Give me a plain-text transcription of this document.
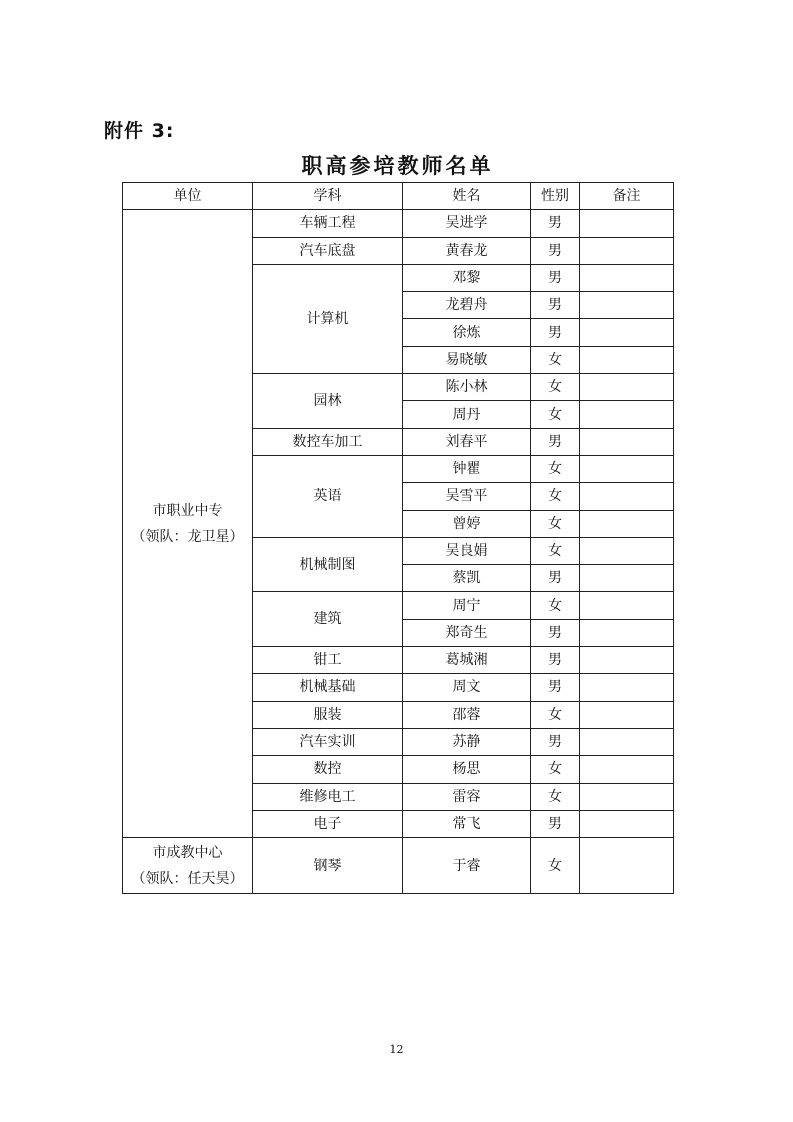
附件 3:
职高参培教师名单
单位	学科	姓名	性别	备注

市职业中专
（领队：龙卫星）	车辆工程	吴进学	男	
	汽车底盘	黄春龙	男	
	计算机	邓黎	男	
		龙碧舟	男	
		徐炼	男	
		易晓敏	女	
	园林	陈小林	女	
		周丹	女	
	数控车加工	刘春平	男	
	英语	钟瞿	女	
		吴雪平	女	
		曾婷	女	
	机械制图	吴良娟	女	
		蔡凯	男	
	建筑	周宁	女	
		郑奇生	男	
	钳工	葛城湘	男	
	机械基础	周文	男	
	服装	邵蓉	女	
	汽车实训	苏静	男	
	数控	杨思	女	
	维修电工	雷容	女	
	电子	常飞	男	

市成教中心
（领队：任天昊）	钢琴	于睿	女	
12
